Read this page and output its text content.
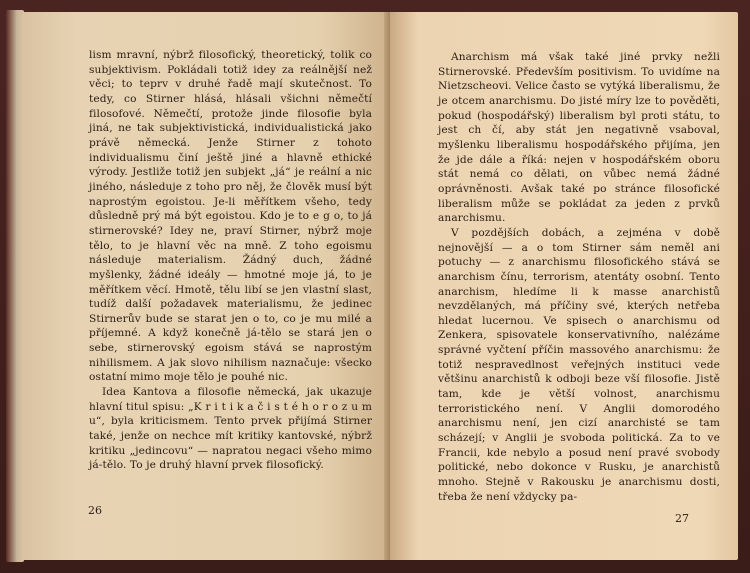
lism mravní, nýbrž filosofický, theoretický, tolik co subjektivism. Pokládali totiž idey za reálnější než věci; to teprv v druhé řadě mají skutečnost. To tedy, co Stirner hlásá, hlásali všichni němečtí filosofové. Němečtí, protože jinde filosofie byla jiná, ne tak subjektivistická, individualistická jako právě německá. Jenže Stirner z tohoto individualismu činí ještě jiné a hlavně ethické výrody. Jestliže totiž jen subjekt „já“ je reální a nic jiného, následuje z toho pro něj, že člověk musí být naprostým egoistou. Je-li měřítkem všeho, tedy důsledně prý má být egoistou. Kdo je to e g o, to já stirnerovské? Idey ne, praví Stirner, nýbrž moje tělo, to je hlavní věc na mně. Z toho egoismu následuje materialism. Žádný duch, žádné myšlenky, žádné ideály — hmotné moje já, to je měřítkem věcí. Hmotě, tělu libí se jen vlastní slast, tudíž další požadavek materialismu, že jedinec Stirnerův bude se starat jen o to, co je mu milé a příjemné. A když konečně já-tělo se stará jen o sebe, stirnerovský egoism stává se naprostým nihilismem. A jak slovo nihilism naznačuje: všecko ostatní mimo moje tělo je pouhé nic.

Idea Kantova a filosofie německá, jak ukazuje hlavní titul spisu: „K r i t i k a č i s t é h o r o z u m u“, byla kriticismem. Tento prvek přijímá Stirner také, jenže on nechce mít kritiky kantovské, nýbrž kritiku „jedincovu“ — napratou negaci všeho mimo já-tělo. To je druhý hlavní prvek filosofický.

26

Anarchism má však také jiné prvky nežli Stirnerovské. Především positivism. To uvidíme na Nietzscheovi. Velice často se vytýká liberalismu, že je otcem anarchismu. Do jisté míry lze to pověděti, pokud (hospodářský) liberalism byl proti státu, to jest ch čí, aby stát jen negativně vsaboval, myšlenku liberalismu hospodářského přijíma, jen že jde dále a říká: nejen v hospodářském oboru stát nemá co dělati, on vůbec nemá žádné oprávněnosti. Avšak také po stránce filosofické liberalism může se pokládat za jeden z prvků anarchismu.

V pozdějších dobách, a zejména v době nejnovější — a o tom Stirner sám neměl ani potuchy — z anarchismu filosofického stává se anarchism čínu, terrorism, atentáty osobní. Tento anarchism, hledíme li k masse anarchistů nevzdělaných, má příčiny své, kterých netřeba hledat lucernou. Ve spisech o anarchismu od Zenkera, spisovatele konservativního, nalézáme správné vyčtení příčin massového anarchismu: že totiž nespravedlnost veřejných instituci vede většinu anarchistů k odboji beze vší filosofie. Jistě tam, kde je větší volnost, anarchismu terroristického není. V Anglii domorodého anarchismu není, jen cizí anarchisté se tam scházejí; v Anglii je svoboda politická. Za to ve Francii, kde nebylo a posud není pravé svobody politické, nebo dokonce v Rusku, je anarchistů mnoho. Stejně v Rakousku je anarchismu dosti, třeba že není vždycky pa-

27
